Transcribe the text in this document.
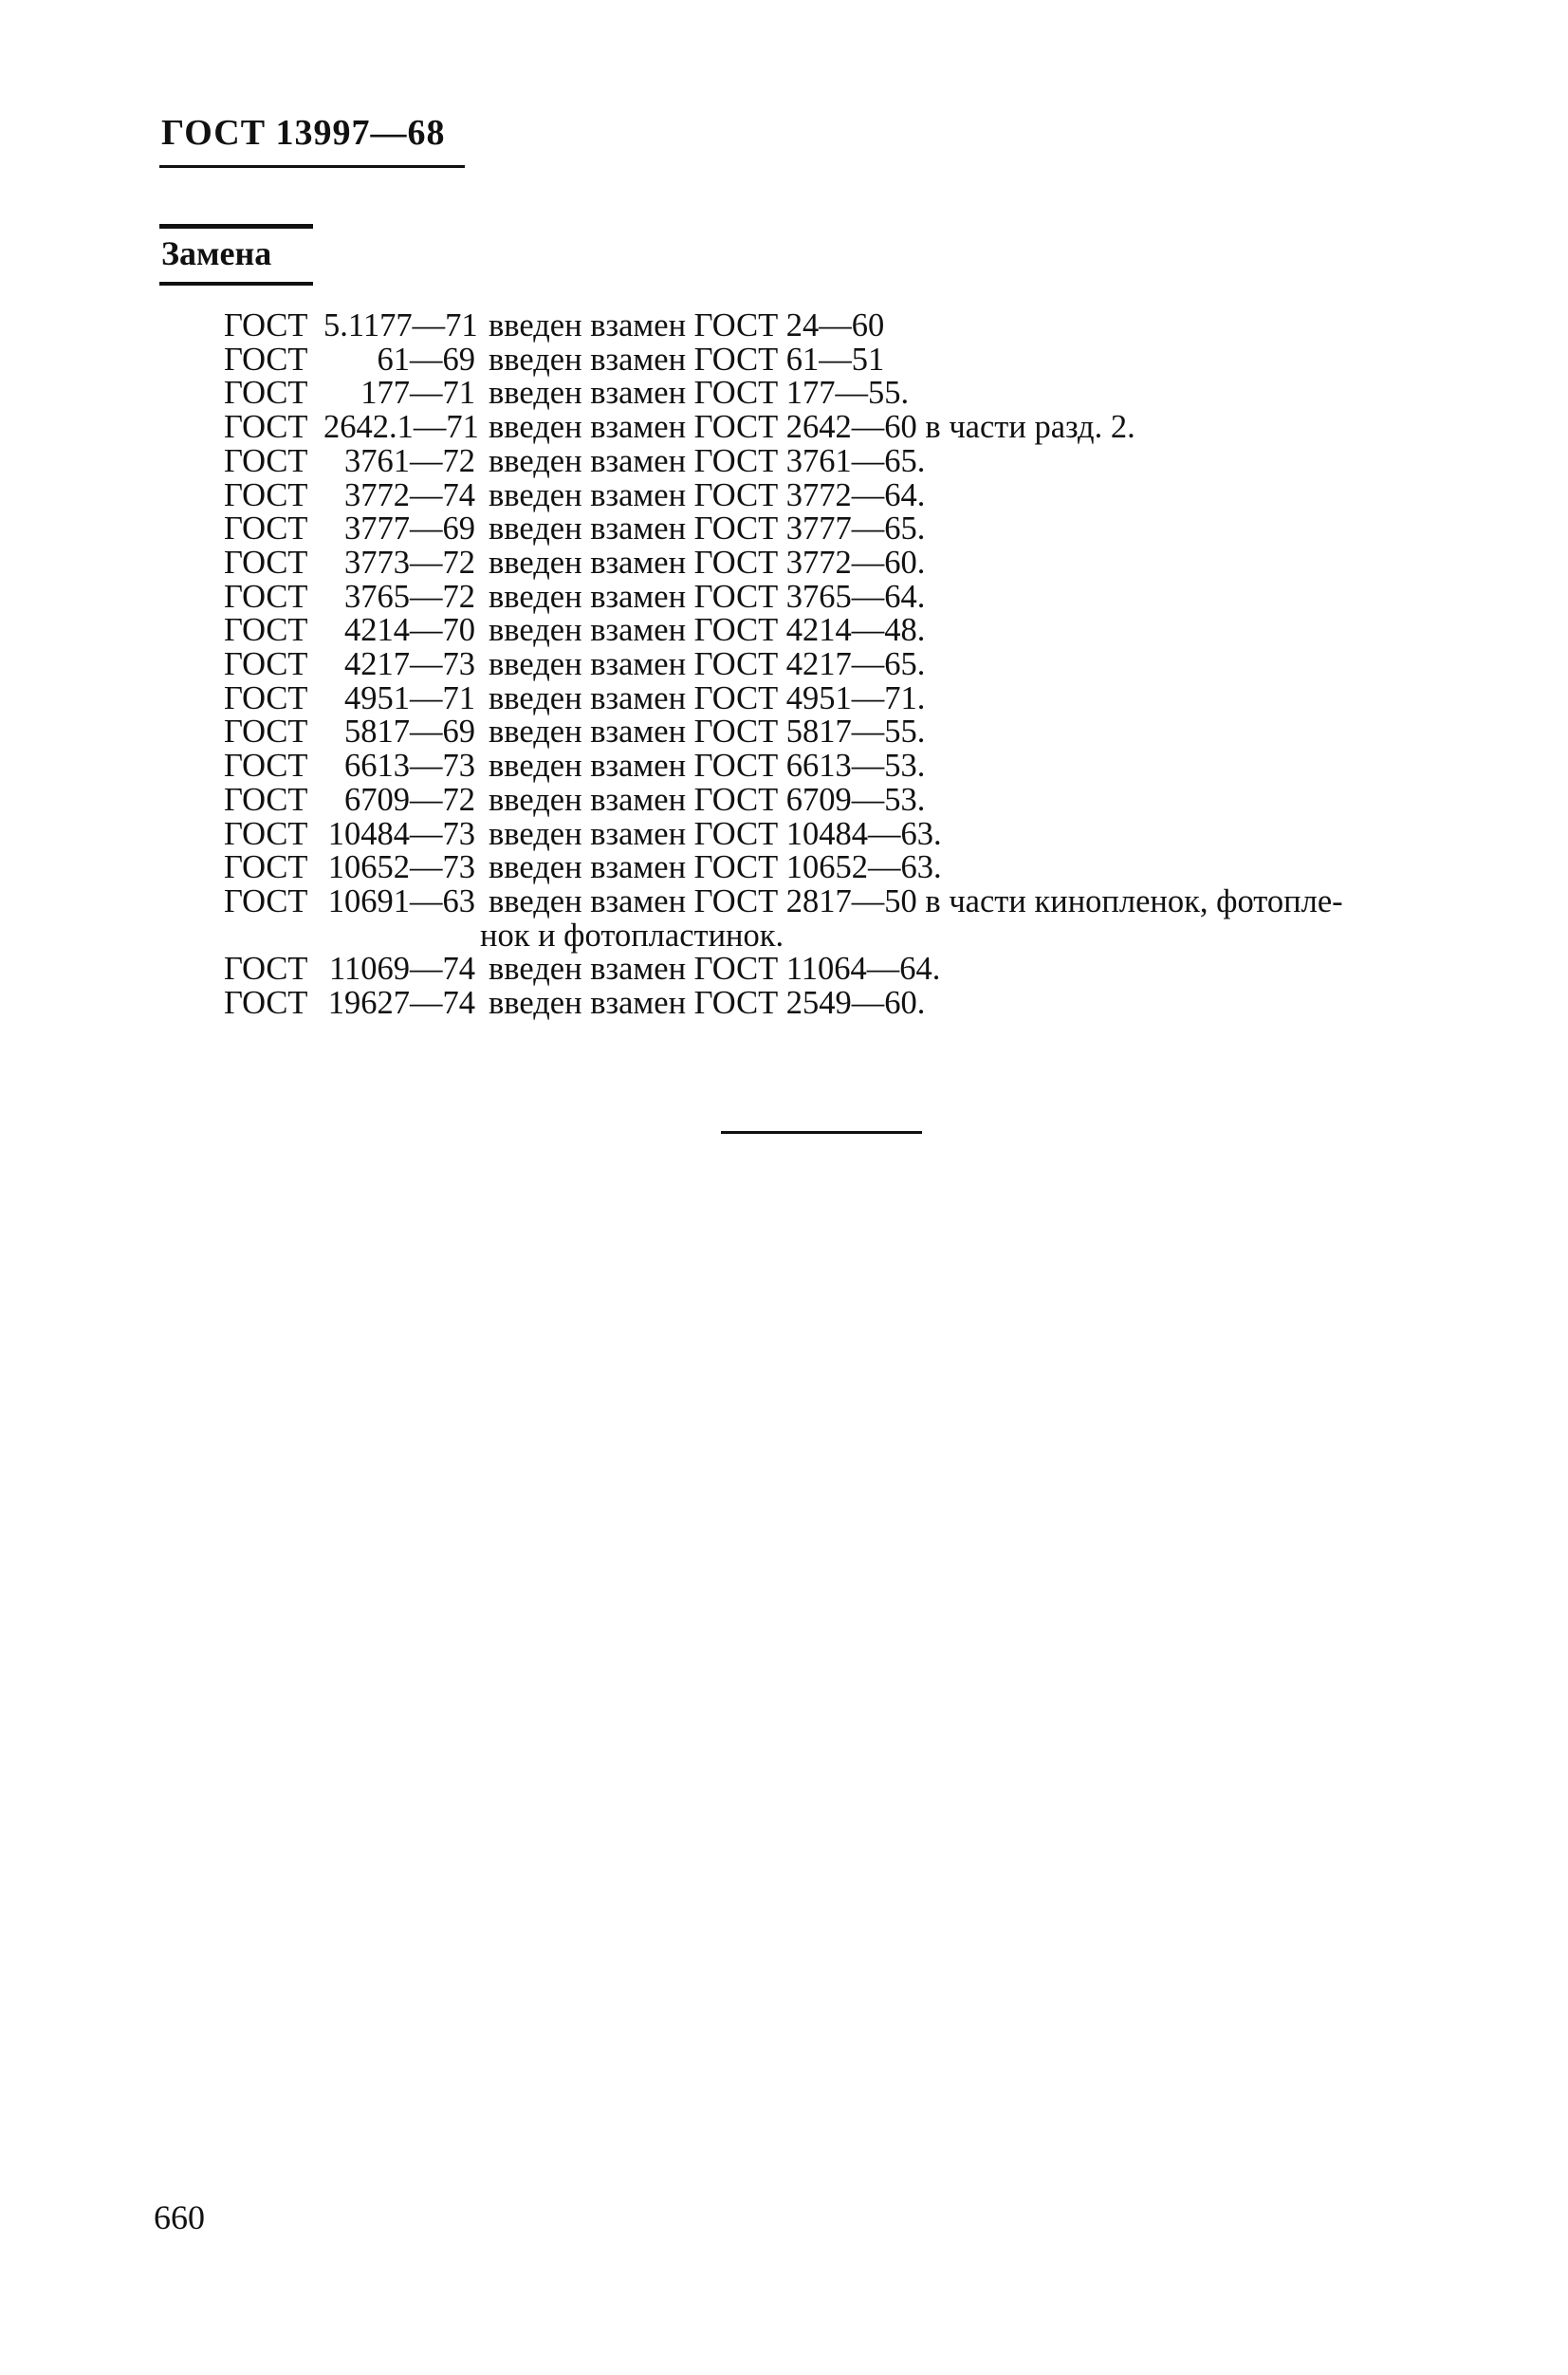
ГОСТ 13997—68
Замена
ГОСТ 5.1177—71 введен взамен ГОСТ 24—60
ГОСТ	61—69 введен взамен ГОСТ 61—51
ГОСТ	177—71 введен взамен ГОСТ 177—55.
ГОСТ 2642.1—71 введен взамен ГОСТ 2642—60 в части разд. 2.
ГОСТ	3761—72 введен взамен ГОСТ 3761—65.
ГОСТ	3772—74 введен взамен ГОСТ 3772—64.
ГОСТ	3777—69 введен взамен ГОСТ 3777—65.
ГОСТ	3773—72 введен взамен ГОСТ 3772—60.
ГОСТ	3765—72 введен взамен ГОСТ 3765—64.
ГОСТ	4214—70 введен взамен ГОСТ 4214—48.
ГОСТ	4217—73 введен взамен ГОСТ 4217—65.
ГОСТ	4951—71 введен взамен ГОСТ 4951—71.
ГОСТ	5817—69 введен взамен ГОСТ 5817—55.
ГОСТ	6613—73 введен взамен ГОСТ 6613—53.
ГОСТ	6709—72 введен взамен ГОСТ 6709—53.
ГОСТ 10484—73 введен взамен ГОСТ 10484—63.
ГОСТ 10652—73 введен взамен ГОСТ 10652—63.
ГОСТ 10691—63 введен взамен ГОСТ 2817—50 в части кинопленок, фотопле-
нок и фотопластинок.
ГОСТ 11069—74 введен взамен ГОСТ 11064—64.
ГОСТ 19627—74 введен взамен ГОСТ 2549—60.
660
